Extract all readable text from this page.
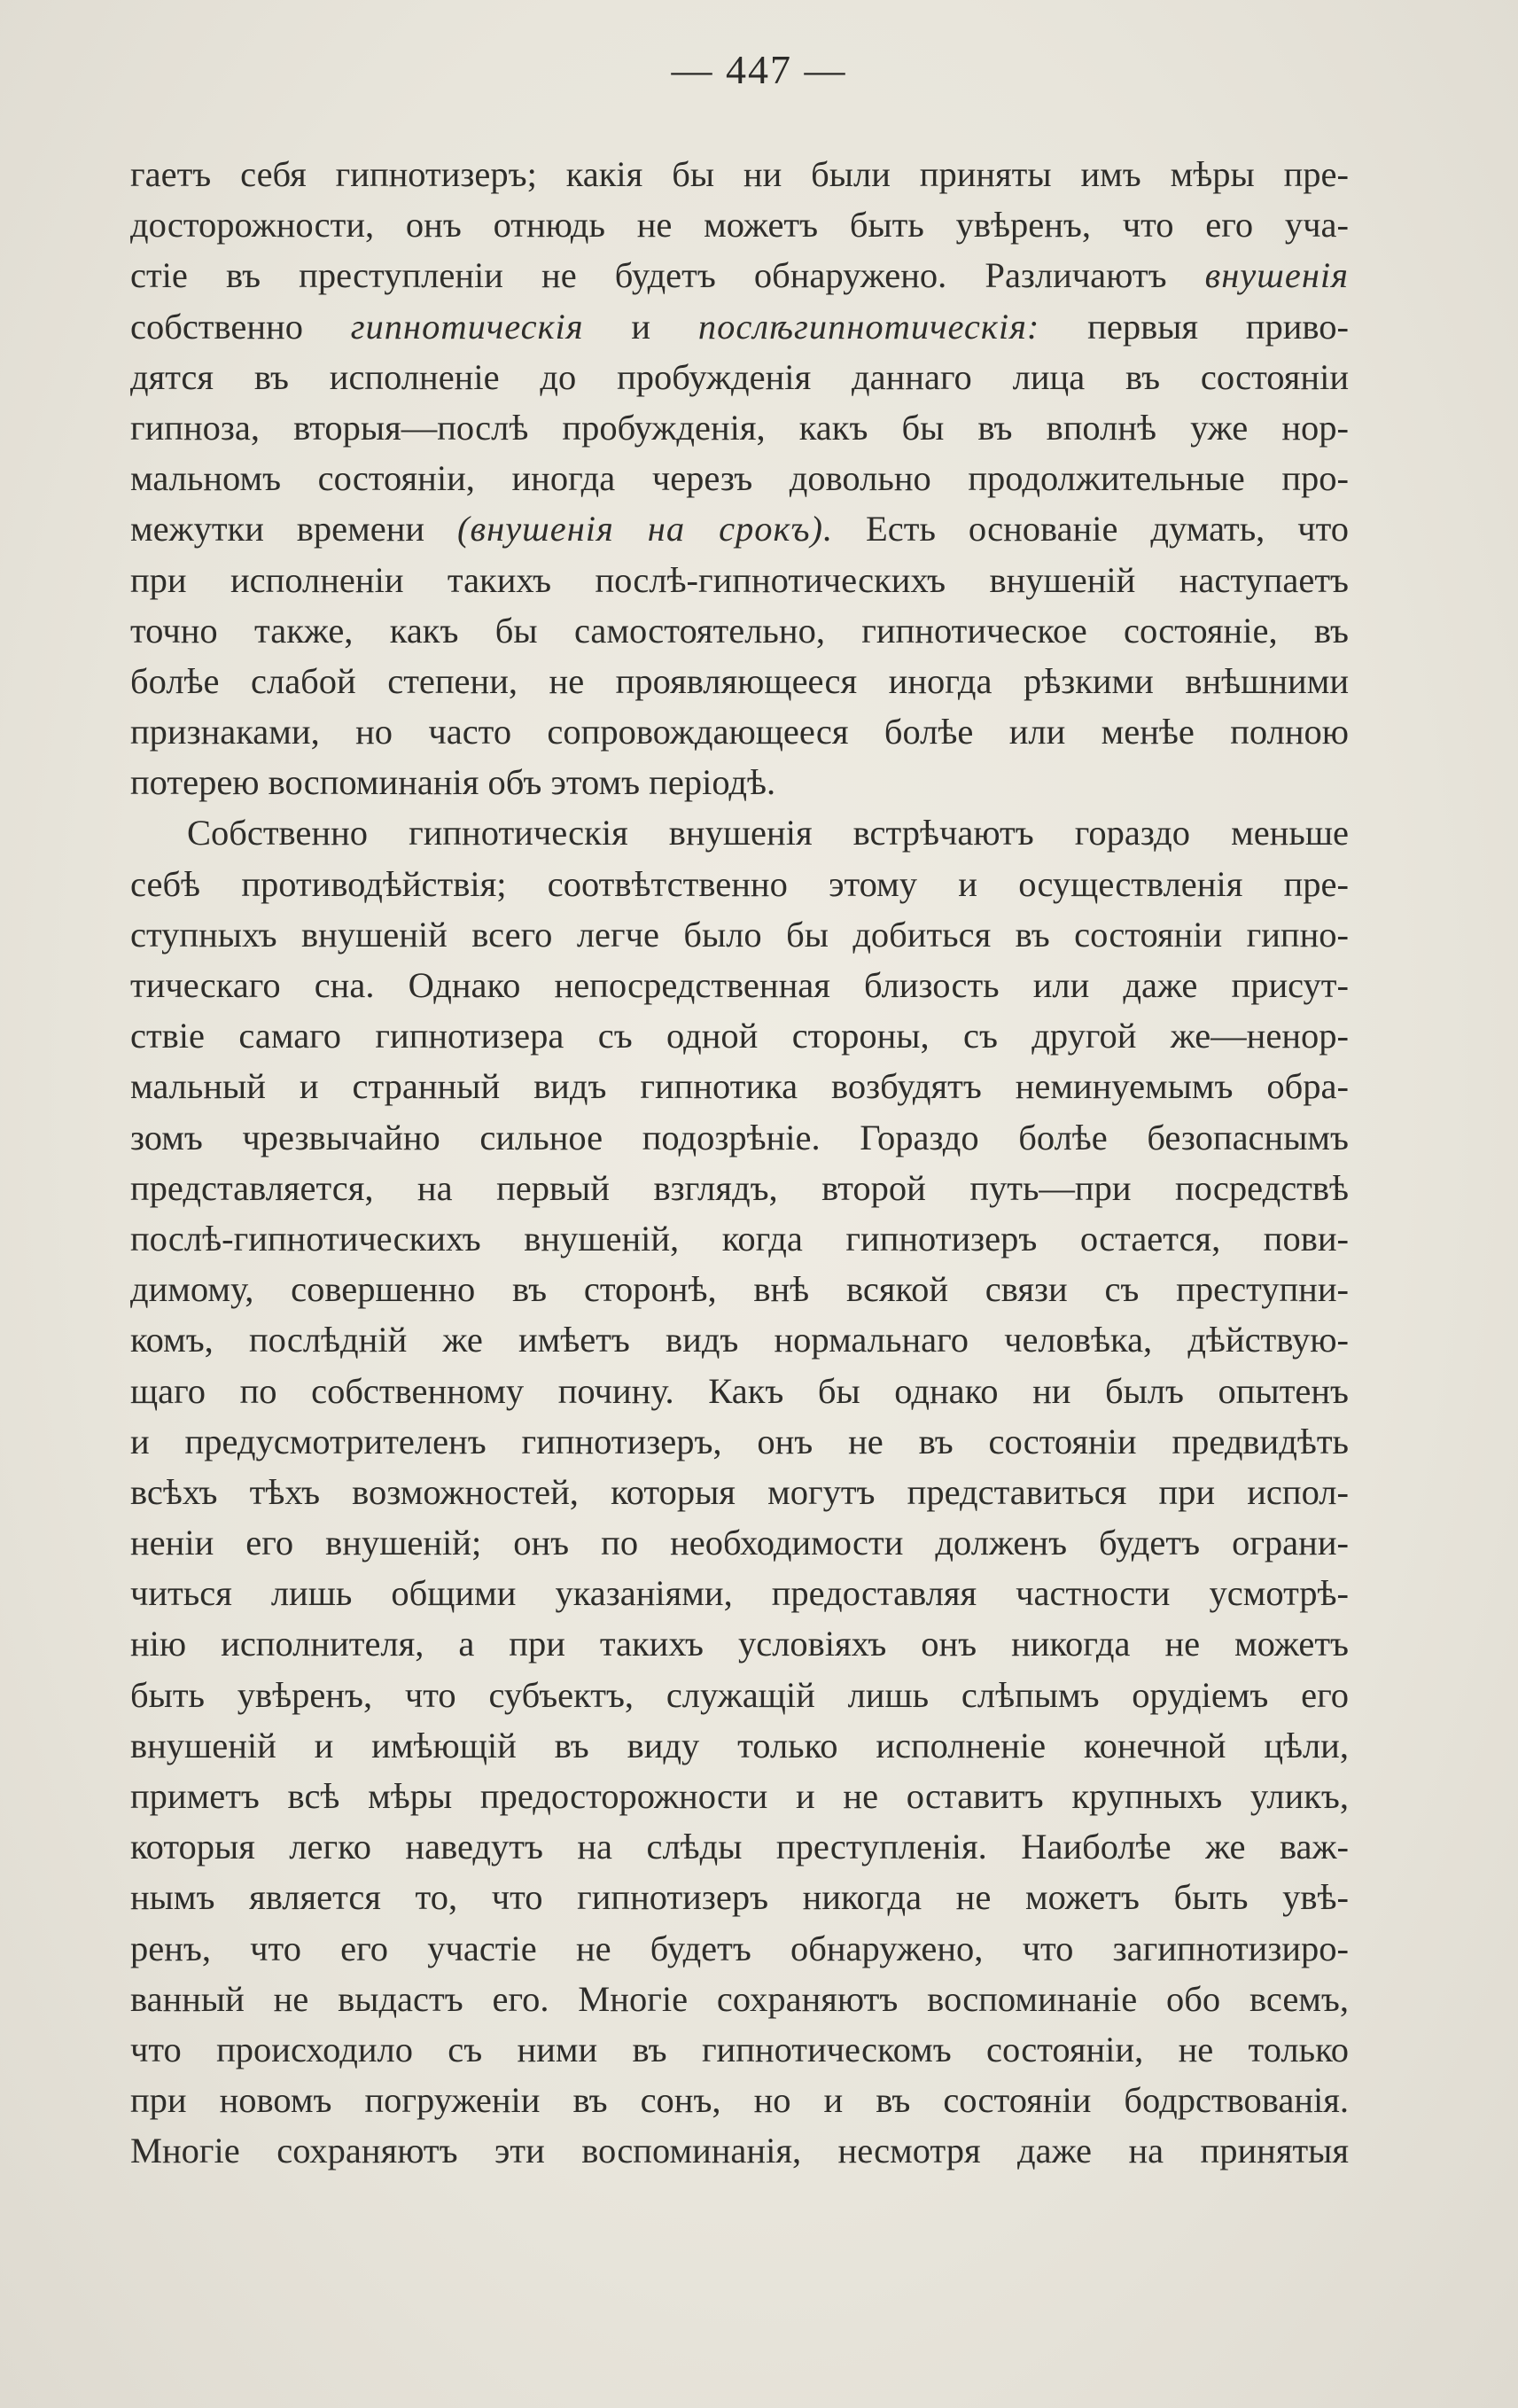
— 447 —
гаетъ себя гипнотизеръ; какія бы ни были приняты имъ мѣры пре-
досторожности, онъ отнюдь не можетъ быть увѣренъ, что его уча-
стіе въ преступленіи не будетъ обнаружено. Различаютъ внушенія
собственно гипнотическія и послѣгипнотическія: первыя приво-
дятся въ исполненіе до пробужденія даннаго лица въ состояніи
гипноза, вторыя—послѣ пробужденія, какъ бы въ вполнѣ уже нор-
мальномъ состояніи, иногда черезъ довольно продолжительные про-
межутки времени (внушенія на срокъ). Есть основаніе думать, что
при исполненіи такихъ послѣ-гипнотическихъ внушеній наступаетъ
точно также, какъ бы самостоятельно, гипнотическое состояніе, въ
болѣе слабой степени, не проявляющееся иногда рѣзкими внѣшними
признаками, но часто сопровождающееся болѣе или менѣе полною
потерею воспоминанія объ этомъ періодѣ.
Собственно гипнотическія внушенія встрѣчаютъ гораздо меньше
себѣ противодѣйствія; соотвѣтственно этому и осуществленія пре-
ступныхъ внушеній всего легче было бы добиться въ состояніи гипно-
тическаго сна. Однако непосредственная близость или даже присут-
ствіе самаго гипнотизера съ одной стороны, съ другой же—ненор-
мальный и странный видъ гипнотика возбудятъ неминуемымъ обра-
зомъ чрезвычайно сильное подозрѣніе. Гораздо болѣе безопаснымъ
представляется, на первый взглядъ, второй путь—при посредствѣ
послѣ-гипнотическихъ внушеній, когда гипнотизеръ остается, пови-
димому, совершенно въ сторонѣ, внѣ всякой связи съ преступни-
комъ, послѣдній же имѣетъ видъ нормальнаго человѣка, дѣйствую-
щаго по собственному почину. Какъ бы однако ни былъ опытенъ
и предусмотрителенъ гипнотизеръ, онъ не въ состояніи предвидѣть
всѣхъ тѣхъ возможностей, которыя могутъ представиться при испол-
неніи его внушеній; онъ по необходимости долженъ будетъ ограни-
читься лишь общими указаніями, предоставляя частности усмотрѣ-
нію исполнителя, а при такихъ условіяхъ онъ никогда не можетъ
быть увѣренъ, что субъектъ, служащій лишь слѣпымъ орудіемъ его
внушеній и имѣющій въ виду только исполненіе конечной цѣли,
приметъ всѣ мѣры предосторожности и не оставитъ крупныхъ уликъ,
которыя легко наведутъ на слѣды преступленія. Наиболѣе же важ-
нымъ является то, что гипнотизеръ никогда не можетъ быть увѣ-
ренъ, что его участіе не будетъ обнаружено, что загипнотизиро-
ванный не выдастъ его. Многіе сохраняютъ воспоминаніе обо всемъ,
что происходило съ ними въ гипнотическомъ состояніи, не только
при новомъ погруженіи въ сонъ, но и въ состояніи бодрствованія.
Многіе сохраняютъ эти воспоминанія, несмотря даже на принятыя
